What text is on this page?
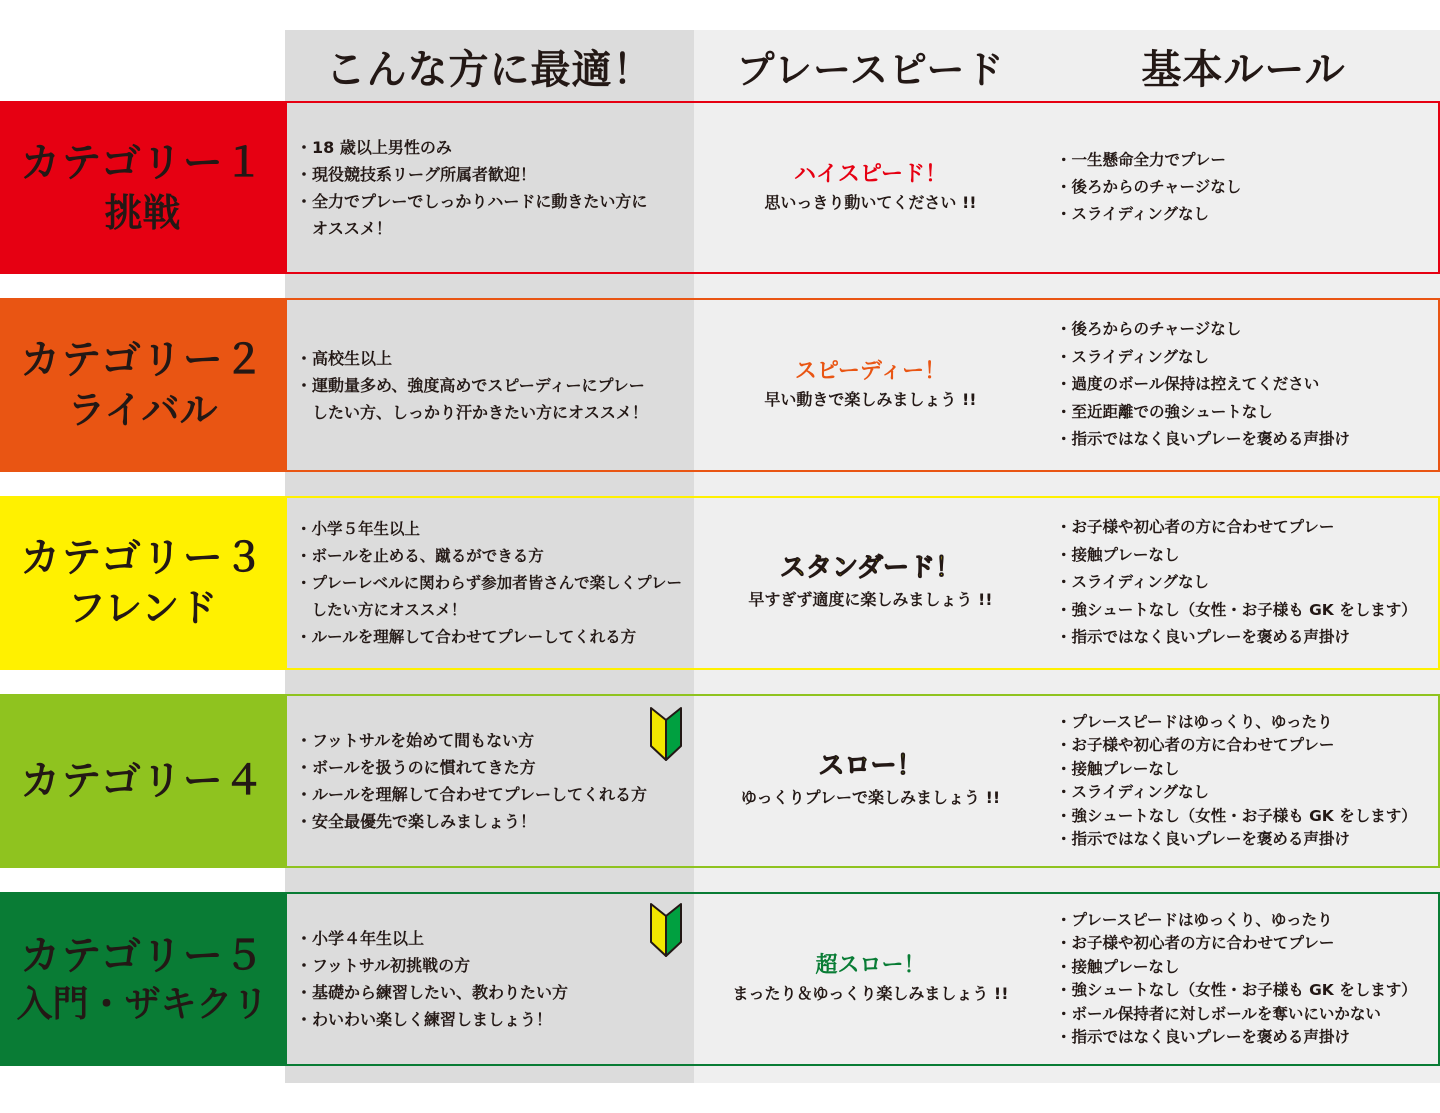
こんな方に最適！	プレースピード	基本ルール
カテゴリー１
挑戦
・18 歳以上男性のみ
・現役競技系リーグ所属者歓迎！
・全力でプレーでしっかりハードに動きたい方に
　オススメ！
ハイスピード！
思いっきり動いてください !!
・一生懸命全力でプレー
・後ろからのチャージなし
・スライディングなし
カテゴリー２
ライバル
・高校生以上
・運動量多め、強度高めでスピーディーにプレー
　したい方、しっかり汗かきたい方にオススメ！
スピーディー！
早い動きで楽しみましょう !!
・後ろからのチャージなし
・スライディングなし
・過度のボール保持は控えてください
・至近距離での強シュートなし
・指示ではなく良いプレーを褒める声掛け
カテゴリー３
フレンド
・小学５年生以上
・ボールを止める、蹴るができる方
・プレーレベルに関わらず参加者皆さんで楽しくプレー
　したい方にオススメ！
・ルールを理解して合わせてプレーしてくれる方
スタンダード！
早すぎず適度に楽しみましょう !!
・お子様や初心者の方に合わせてプレー
・接触プレーなし
・スライディングなし
・強シュートなし（女性・お子様も GK をします）
・指示ではなく良いプレーを褒める声掛け
カテゴリー４
・フットサルを始めて間もない方
・ボールを扱うのに慣れてきた方
・ルールを理解して合わせてプレーしてくれる方
・安全最優先で楽しみましょう！
スロー！
ゆっくりプレーで楽しみましょう !!
・プレースピードはゆっくり、ゆったり
・お子様や初心者の方に合わせてプレー
・接触プレーなし
・スライディングなし
・強シュートなし（女性・お子様も GK をします）
・指示ではなく良いプレーを褒める声掛け
カテゴリー５
入門・ザキクリ
・小学４年生以上
・フットサル初挑戦の方
・基礎から練習したい、教わりたい方
・わいわい楽しく練習しましょう！
超スロー！
まったり＆ゆっくり楽しみましょう !!
・プレースピードはゆっくり、ゆったり
・お子様や初心者の方に合わせてプレー
・接触プレーなし
・強シュートなし（女性・お子様も GK をします）
・ボール保持者に対しボールを奪いにいかない
・指示ではなく良いプレーを褒める声掛け
